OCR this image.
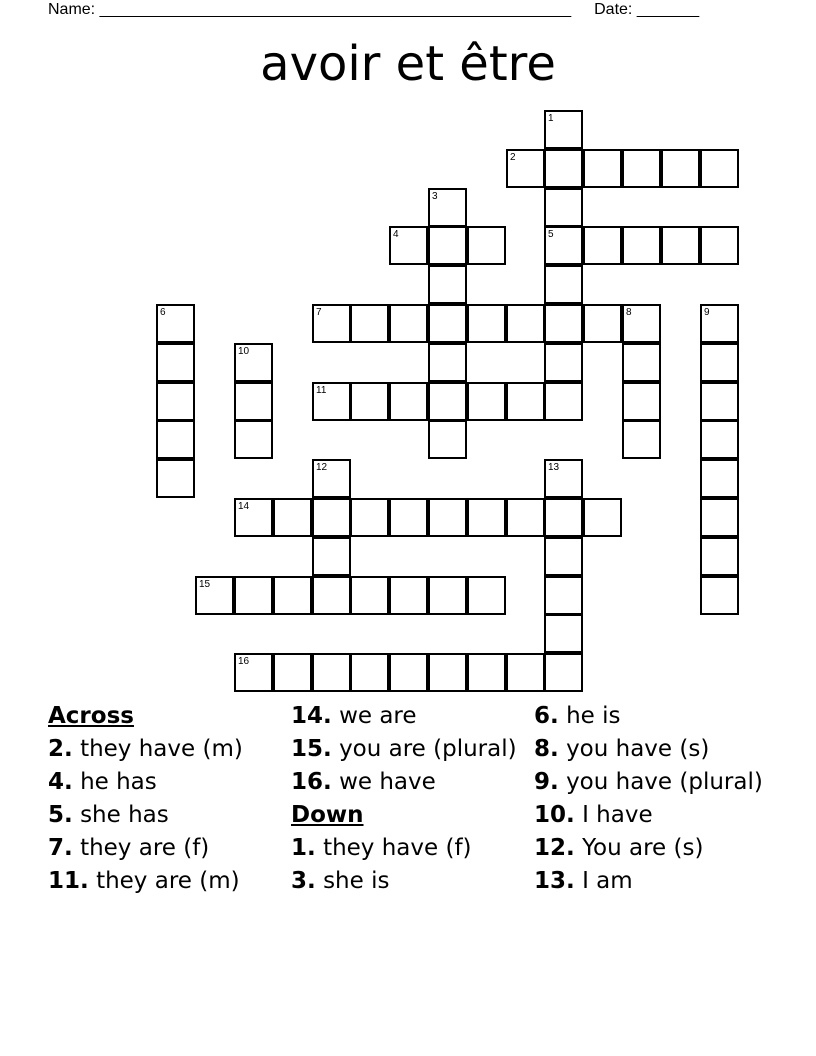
Name: _____________________________________________________ Date: _______
avoir et être
1
2
3
4	5
6	7	8	9
10
11
12	13
14
15
16
Across
2. they have (m)
4. he has
5. she has
7. they are (f)
11. they are (m)
14. we are
15. you are (plural)
16. we have
Down
1. they have (f)
3. she is
6. he is
8. you have (s)
9. you have (plural)
10. I have
12. You are (s)
13. I am
